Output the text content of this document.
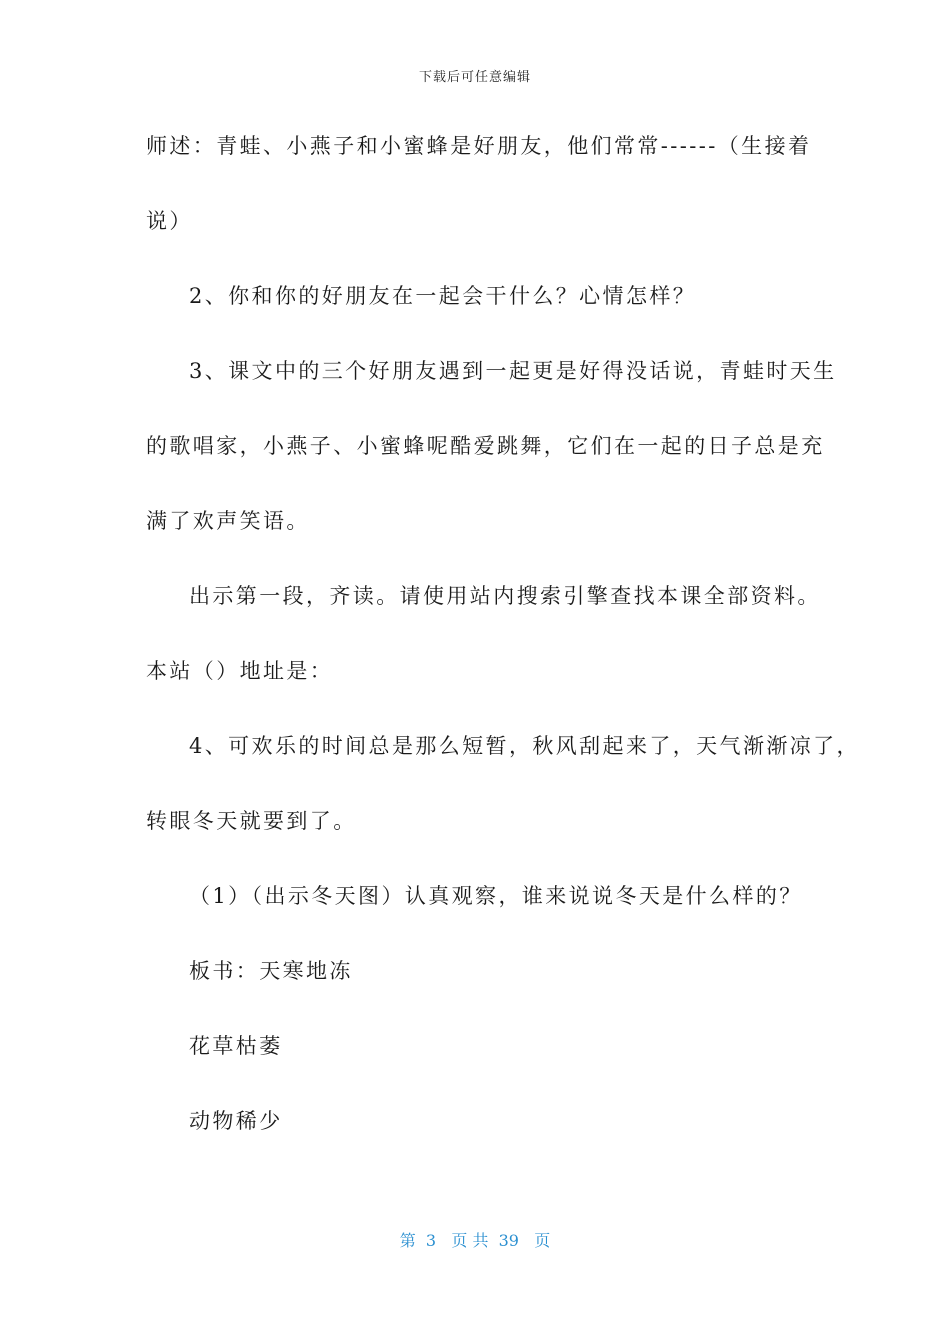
下载后可任意编辑
师述：青蛙、小燕子和小蜜蜂是好朋友，他们常常------（生接着
说）
2、你和你的好朋友在一起会干什么？心情怎样？
3、课文中的三个好朋友遇到一起更是好得没话说，青蛙时天生
的歌唱家，小燕子、小蜜蜂呢酷爱跳舞，它们在一起的日子总是充
满了欢声笑语。
出示第一段，齐读。请使用站内搜索引擎查找本课全部资料。
本站（）地址是：
4、可欢乐的时间总是那么短暂，秋风刮起来了，天气渐渐凉了，
转眼冬天就要到了。
（1）（出示冬天图）认真观察，谁来说说冬天是什么样的？
板书：天寒地冻
花草枯萎
动物稀少
第  3   页 共  39   页
